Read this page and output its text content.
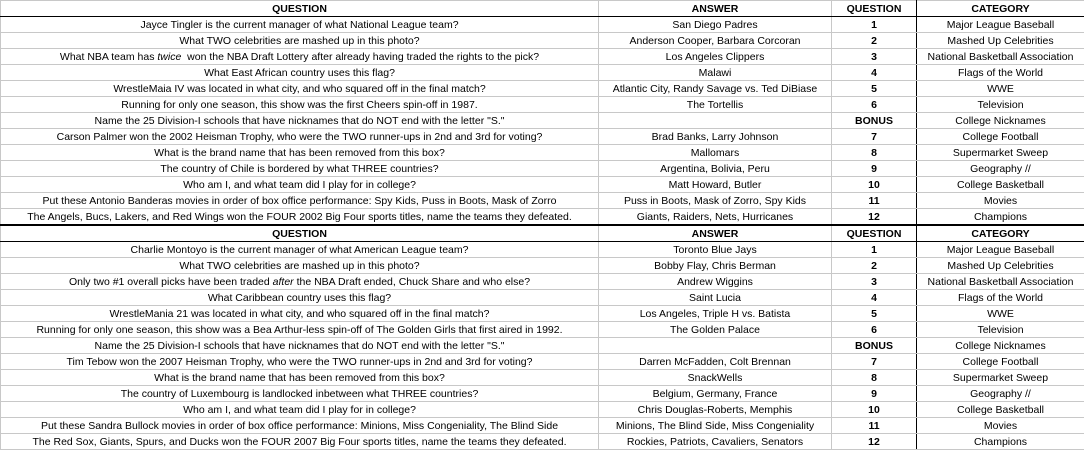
QUESTION	ANSWER	QUESTION	CATEGORY
Jayce Tingler is the current manager of what National League team?	San Diego Padres	1	Major League Baseball
What TWO celebrities are mashed up in this photo?	Anderson Cooper, Barbara Corcoran	2	Mashed Up Celebrities
What NBA team has twice  won the NBA Draft Lottery after already having traded the rights to the pick?	Los Angeles Clippers	3	National Basketball Association
What East African country uses this flag?	Malawi	4	Flags of the World
WrestleMaia IV was located in what city, and who squared off in the final match?	Atlantic City, Randy Savage vs. Ted DiBiase	5	WWE
Running for only one season, this show was the first Cheers spin-off in 1987.	The Tortellis	6	Television
Name the 25 Division-I schools that have nicknames that do NOT end with the letter "S."		BONUS	College Nicknames
Carson Palmer won the 2002 Heisman Trophy, who were the TWO runner-ups in 2nd and 3rd for voting?	Brad Banks, Larry Johnson	7	College Football
What is the brand name that has been removed from this box?	Mallomars	8	Supermarket Sweep
The country of Chile is bordered by what THREE countries?	Argentina, Bolivia, Peru	9	Geography //
Who am I, and what team did I play for in college?	Matt Howard, Butler	10	College Basketball
Put these Antonio Banderas movies in order of box office performance: Spy Kids, Puss in Boots, Mask of Zorro	Puss in Boots, Mask of Zorro, Spy Kids	11	Movies
The Angels, Bucs, Lakers, and Red Wings won the FOUR 2002 Big Four sports titles, name the teams they defeated.	Giants, Raiders, Nets, Hurricanes	12	Champions
QUESTION	ANSWER	QUESTION	CATEGORY
Charlie Montoyo is the current manager of what American League team?	Toronto Blue Jays	1	Major League Baseball
What TWO celebrities are mashed up in this photo?	Bobby Flay, Chris Berman	2	Mashed Up Celebrities
Only two #1 overall picks have been traded after the NBA Draft ended, Chuck Share and who else?	Andrew Wiggins	3	National Basketball Association
What Caribbean country uses this flag?	Saint Lucia	4	Flags of the World
WrestleMania 21 was located in what city, and who squared off in the final match?	Los Angeles, Triple H vs. Batista	5	WWE
Running for only one season, this show was a Bea Arthur-less spin-off of The Golden Girls that first aired in 1992.	The Golden Palace	6	Television
Name the 25 Division-I schools that have nicknames that do NOT end with the letter "S."		BONUS	College Nicknames
Tim Tebow won the 2007 Heisman Trophy, who were the TWO runner-ups in 2nd and 3rd for voting?	Darren McFadden, Colt Brennan	7	College Football
What is the brand name that has been removed from this box?	SnackWells	8	Supermarket Sweep
The country of Luxembourg is landlocked inbetween what THREE countries?	Belgium, Germany, France	9	Geography //
Who am I, and what team did I play for in college?	Chris Douglas-Roberts, Memphis	10	College Basketball
Put these Sandra Bullock movies in order of box office performance: Minions, Miss Congeniality, The Blind Side	Minions, The Blind Side, Miss Congeniality	11	Movies
The Red Sox, Giants, Spurs, and Ducks won the FOUR 2007 Big Four sports titles, name the teams they defeated.	Rockies, Patriots, Cavaliers, Senators	12	Champions
